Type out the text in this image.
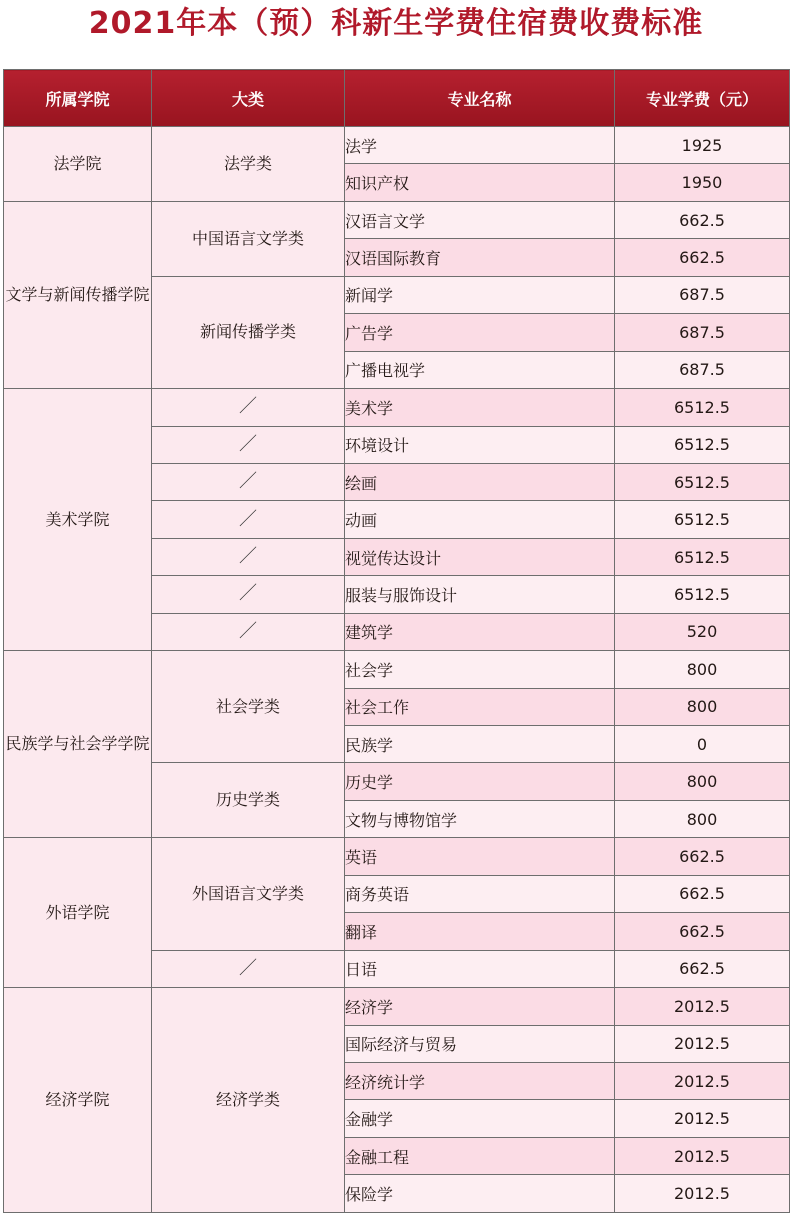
2021年本（预）科新生学费住宿费收费标准
所属学院	大类	专业名称	专业学费（元）
法学院	法学类	法学	1925
		知识产权	1950
文学与新闻传播学院	中国语言文学类	汉语言文学	662.5
		汉语国际教育	662.5
	新闻传播学类	新闻学	687.5
		广告学	687.5
		广播电视学	687.5
美术学院	／	美术学	6512.5
	／	环境设计	6512.5
	／	绘画	6512.5
	／	动画	6512.5
	／	视觉传达设计	6512.5
	／	服装与服饰设计	6512.5
	／	建筑学	520
民族学与社会学学院	社会学类	社会学	800
		社会工作	800
		民族学	0
	历史学类	历史学	800
		文物与博物馆学	800
外语学院	外国语言文学类	英语	662.5
		商务英语	662.5
		翻译	662.5
	／	日语	662.5
经济学院	经济学类	经济学	2012.5
		国际经济与贸易	2012.5
		经济统计学	2012.5
		金融学	2012.5
		金融工程	2012.5
		保险学	2012.5
